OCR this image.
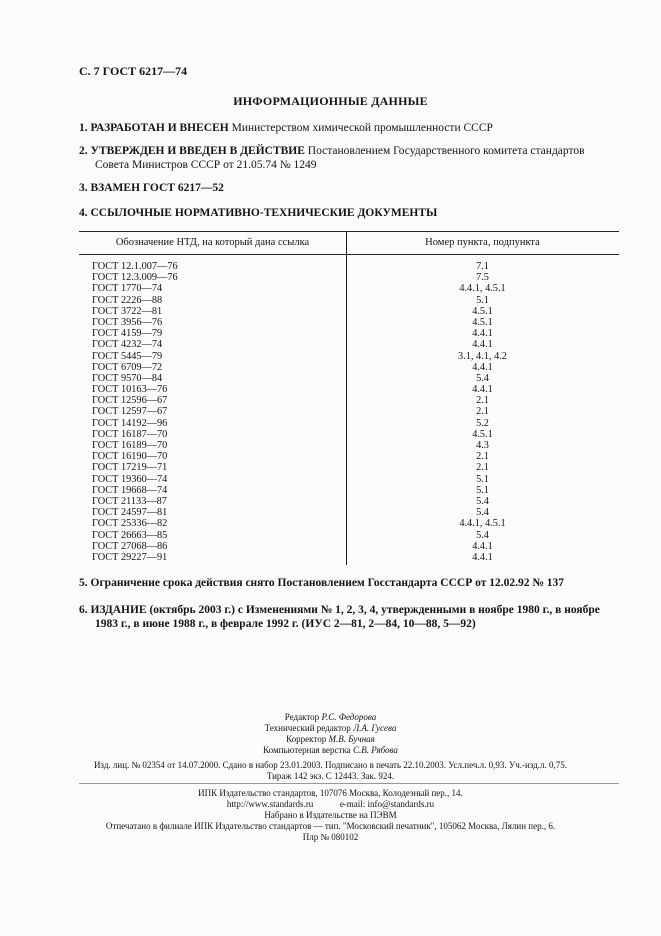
С. 7 ГОСТ 6217—74
ИНФОРМАЦИОННЫЕ ДАННЫЕ
1. РАЗРАБОТАН И ВНЕСЕН Министерством химической промышленности СССР
2. УТВЕРЖДЕН И ВВЕДЕН В ДЕЙСТВИЕ Постановлением Государственного комитета стандартов
Совета Министров СССР от 21.05.74 № 1249
3. ВЗАМЕН ГОСТ 6217—52
4. ССЫЛОЧНЫЕ НОРМАТИВНО-ТЕХНИЧЕСКИЕ ДОКУМЕНТЫ
Обозначение НТД, на который дана ссылка	Номер пункта, подпункта
ГОСТ 12.1.007—76	7.1
ГОСТ 12.3.009—76	7.5
ГОСТ 1770—74	4.4.1, 4.5.1
ГОСТ 2226—88	5.1
ГОСТ 3722—81	4.5.1
ГОСТ 3956—76	4.5.1
ГОСТ 4159—79	4.4.1
ГОСТ 4232—74	4.4.1
ГОСТ 5445—79	3.1, 4.1, 4.2
ГОСТ 6709—72	4.4.1
ГОСТ 9570—84	5.4
ГОСТ 10163—76	4.4.1
ГОСТ 12596—67	2.1
ГОСТ 12597—67	2.1
ГОСТ 14192—96	5.2
ГОСТ 16187—70	4.5.1
ГОСТ 16189—70	4.3
ГОСТ 16190—70	2.1
ГОСТ 17219—71	2.1
ГОСТ 19360—74	5.1
ГОСТ 19668—74	5.1
ГОСТ 21133—87	5.4
ГОСТ 24597—81	5.4
ГОСТ 25336—82	4.4.1, 4.5.1
ГОСТ 26663—85	5.4
ГОСТ 27068—86	4.4.1
ГОСТ 29227—91	4.4.1
5. Ограничение срока действия снято Постановлением Госстандарта СССР от 12.02.92 № 137
6. ИЗДАНИЕ (октябрь 2003 г.) с Изменениями № 1, 2, 3, 4, утвержденными в ноябре 1980 г., в ноябре
1983 г., в июне 1988 г., в феврале 1992 г. (ИУС 2—81, 2—84, 10—88, 5—92)
Редактор Р.С. Федорова
Технический редактор Л.А. Гусева
Корректор М.В. Бучная
Компьютерная верстка С.В. Рябова
Изд. лиц. № 02354 от 14.07.2000. Сдано в набор 23.01.2003. Подписано в печать 22.10.2003. Усл.печ.л. 0,93. Уч.-изд.л. 0,75.
Тираж 142 экз. С 12443. Зак. 924.
ИПК Издательство стандартов, 107076 Москва, Колодезный пер., 14.
http://www.standards.ru	e-mail: info@standards.ru
Набрано в Издательстве на ПЭВМ
Отпечатано в филиале ИПК Издательство стандартов — тип. "Московский печатник", 105062 Москва, Лялин пер., 6.
Плр № 080102
